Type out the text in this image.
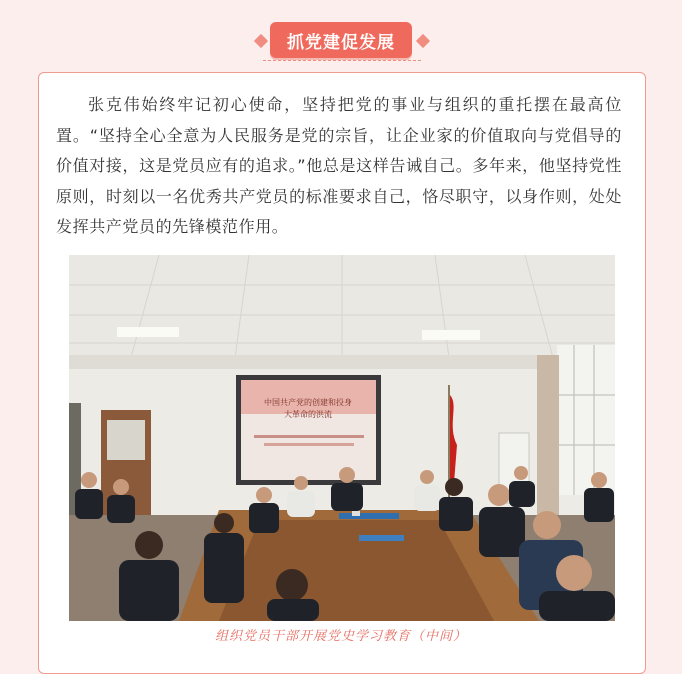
抓党建促发展

张克伟始终牢记初心使命，坚持把党的事业与组织的重托摆在最高位置。“坚持全心全意为人民服务是党的宗旨，让企业家的价值取向与党倡导的价值对接，这是党员应有的追求。”他总是这样告诫自己。多年来，他坚持党性原则，时刻以一名优秀共产党员的标准要求自己，恪尽职守，以身作则，处处发挥共产党员的先锋模范作用。

中国共产党的创建和投身
大革命的洪流
组织党员干部开展党史学习教育（中间）
